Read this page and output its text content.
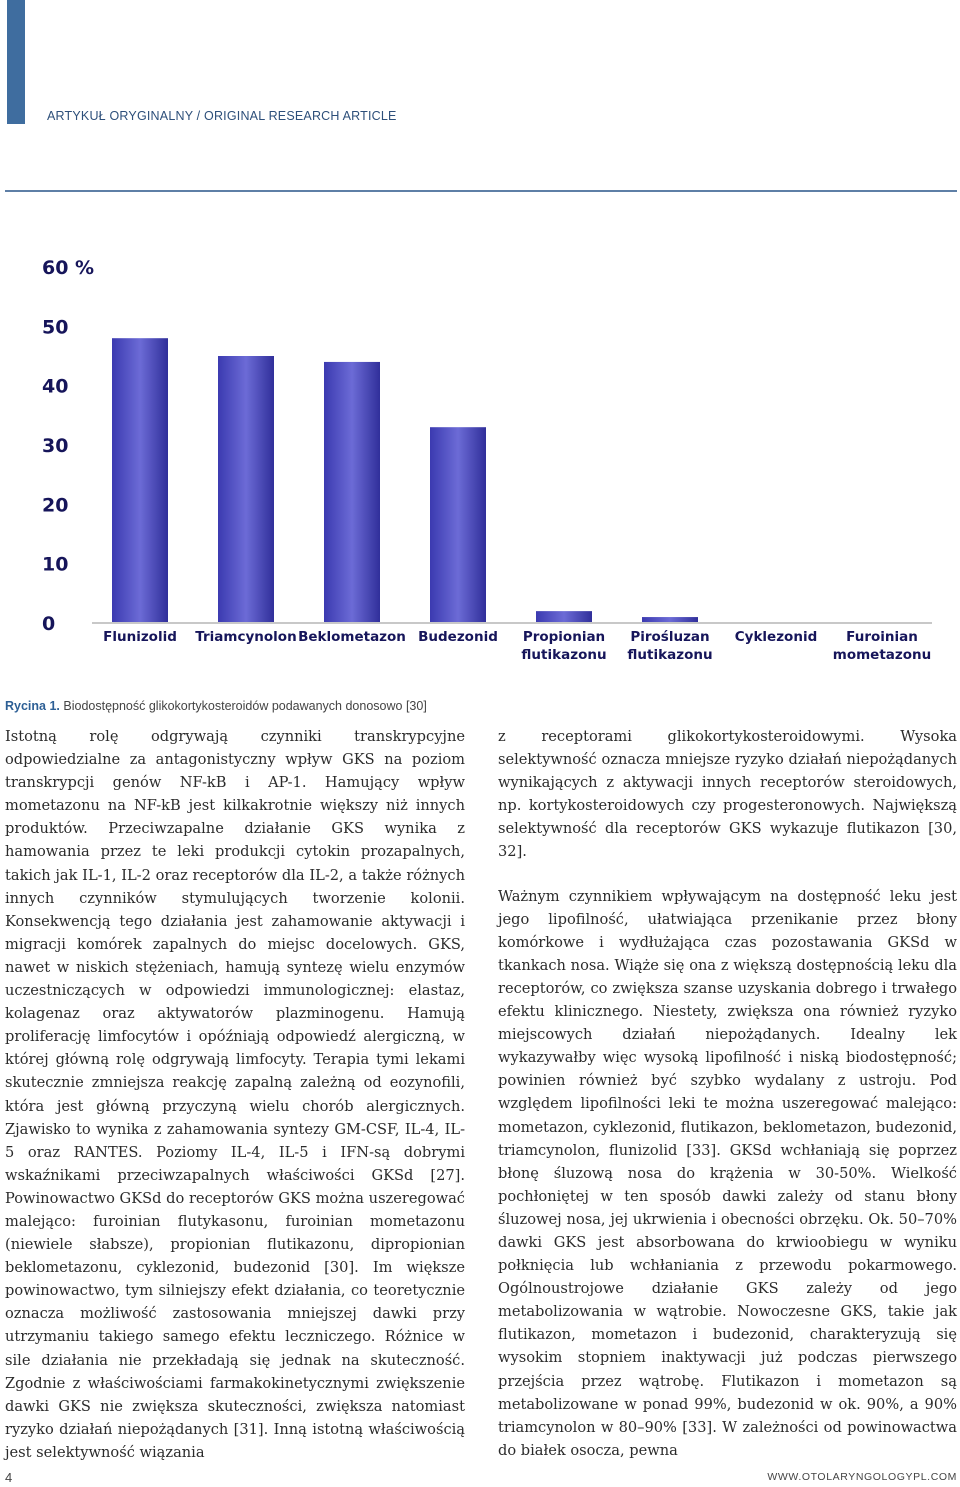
ARTYKUŁ ORYGINALNY / ORIGINAL RESEARCH ARTICLE
60 %
50
40
30
20
10
0
Flunizolid Triamcynolon Beklometazon Budezonid Propionian flutikazonu
Pirośluzan flutikazonu
Cyklezonid	Furoinian mometazonu
Rycina 1. Biodostępność glikokortykosteroidów podawanych donosowo [30]

Istotną rolę odgrywają czynniki transkrypcyjne odpowiedzialne za antagonistyczny wpływ GKS na poziom transkrypcji genów NF-kB i AP-1. Hamujący wpływ mometazonu na NF-kB jest kilkakrotnie większy niż innych produktów. Przeciwzapalne działanie GKS wynika z hamowania przez te leki produkcji cytokin prozapalnych, takich jak IL-1, IL-2 oraz receptorów dla IL-2, a także różnych innych czynników stymulujących tworzenie kolonii. Konsekwencją tego działania jest zahamowanie aktywacji i migracji komórek zapalnych do miejsc docelowych. GKS, nawet w niskich stężeniach, hamują syntezę wielu enzymów uczestniczących w odpowiedzi immunologicznej: elastaz, kolagenaz oraz aktywatorów plazminogenu. Hamują proliferację limfocytów i opóźniają odpowiedź alergiczną, w której główną rolę odgrywają limfocyty. Terapia tymi lekami skutecznie zmniejsza reakcję zapalną zależną od eozynofili, która jest główną przyczyną wielu chorób alergicznych. Zjawisko to wynika z zahamowania syntezy GM-CSF, IL-4, IL-5 oraz RANTES. Poziomy IL-4, IL-5 i IFN-są dobrymi wskaźnikami przeciwzapalnych właściwości GKSd [27]. Powinowactwo GKSd do receptorów GKS można uszeregować malejąco: furoinian flutykasonu, furoinian mometazonu (niewiele słabsze), propionian flutikazonu, dipropionian beklometazonu, cyklezonid, budezonid [30]. Im większe powinowactwo, tym silniejszy efekt działania, co teoretycznie oznacza możliwość zastosowania mniejszej dawki przy utrzymaniu takiego samego efektu leczniczego. Różnice w sile działania nie przekładają się jednak na skuteczność. Zgodnie z właściwościami farmakokinetycznymi zwiększenie dawki GKS nie zwiększa skuteczności, zwiększa natomiast ryzyko działań niepożądanych [31]. Inną istotną właściwością jest selektywność wiązania

z receptorami glikokortykosteroidowymi. Wysoka selektywność oznacza mniejsze ryzyko działań niepożądanych wynikających z aktywacji innych receptorów steroidowych, np. kortykosteroidowych czy progesteronowych. Największą selektywność dla receptorów GKS wykazuje flutikazon [30, 32].

Ważnym czynnikiem wpływającym na dostępność leku jest jego lipofilność, ułatwiająca przenikanie przez błony komórkowe i wydłużająca czas pozostawania GKSd w tkankach nosa. Wiąże się ona z większą dostępnością leku dla receptorów, co zwiększa szanse uzyskania dobrego i trwałego efektu klinicznego. Niestety, zwiększa ona również ryzyko miejscowych działań niepożądanych. Idealny lek wykazywałby więc wysoką lipofilność i niską biodostępność; powinien również być szybko wydalany z ustroju. Pod względem lipofilności leki te można uszeregować malejąco: mometazon, cyklezonid, flutikazon, beklometazon, budezonid, triamcynolon, flunizolid [33]. GKSd wchłaniają się poprzez błonę śluzową nosa do krążenia w 30-50%. Wielkość pochłoniętej w ten sposób dawki zależy od stanu błony śluzowej nosa, jej ukrwienia i obecności obrzęku. Ok. 50–70% dawki GKS jest absorbowana do krwioobiegu w wyniku połknięcia lub wchłaniania z przewodu pokarmowego. Ogólnoustrojowe działanie GKS zależy od jego metabolizowania w wątrobie. Nowoczesne GKS, takie jak flutikazon, mometazon i budezonid, charakteryzują się wysokim stopniem inaktywacji już podczas pierwszego przejścia przez wątrobę. Flutikazon i mometazon są metabolizowane w ponad 99%, budezonid w ok. 90%, a 90% triamcynolon w 80–90% [33]. W zależności od powinowactwa do białek osocza, pewna

4	WWW.OTOLARYNGOLOGYPL.COM
